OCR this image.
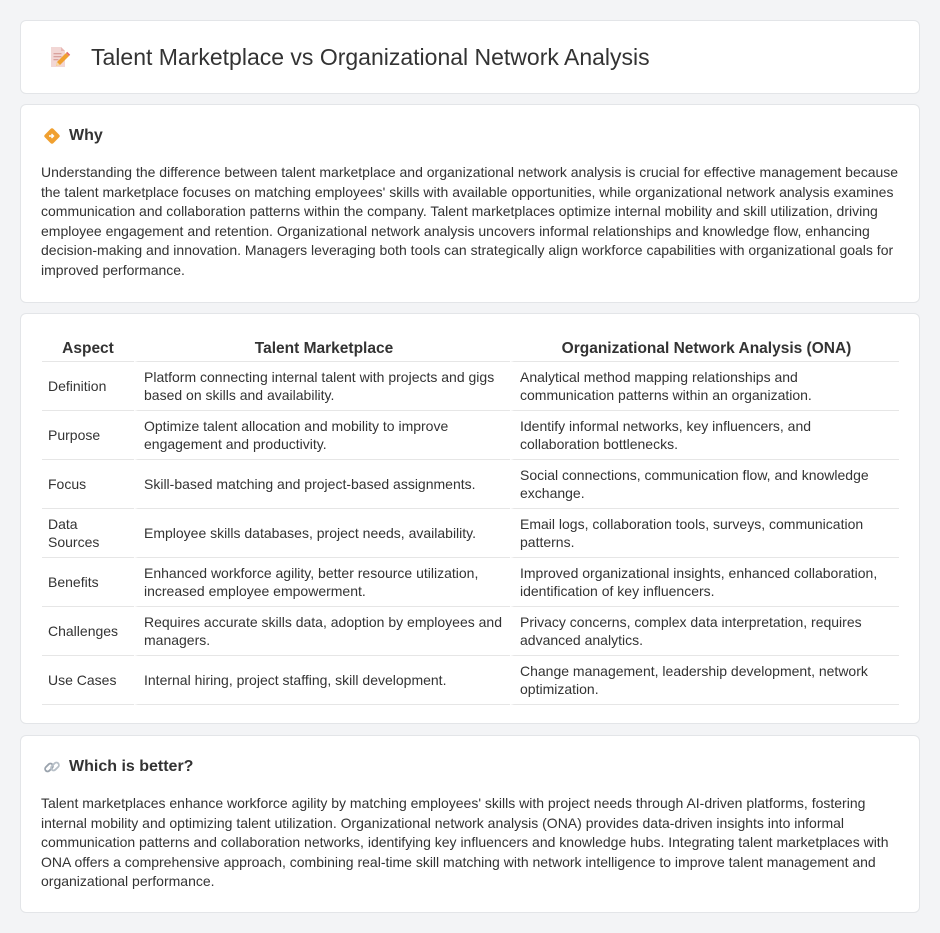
Talent Marketplace vs Organizational Network Analysis
Why

Understanding the difference between talent marketplace and organizational network analysis is crucial for effective management because the talent marketplace focuses on matching employees' skills with available opportunities, while organizational network analysis examines communication and collaboration patterns within the company. Talent marketplaces optimize internal mobility and skill utilization, driving employee engagement and retention. Organizational network analysis uncovers informal relationships and knowledge flow, enhancing decision-making and innovation. Managers leveraging both tools can strategically align workforce capabilities with organizational goals for improved performance.

Aspect	Talent Marketplace	Organizational Network Analysis (ONA)
Definition	Platform connecting internal talent with projects and gigs based on skills and availability.	Analytical method mapping relationships and communication patterns within an organization.
Purpose	Optimize talent allocation and mobility to improve engagement and productivity.	Identify informal networks, key influencers, and collaboration bottlenecks.
Focus	Skill-based matching and project-based assignments.	Social connections, communication flow, and knowledge exchange.
Data Sources	Employee skills databases, project needs, availability.	Email logs, collaboration tools, surveys, communication patterns.
Benefits	Enhanced workforce agility, better resource utilization, increased employee empowerment.	Improved organizational insights, enhanced collaboration, identification of key influencers.
Challenges	Requires accurate skills data, adoption by employees and managers.	Privacy concerns, complex data interpretation, requires advanced analytics.
Use Cases	Internal hiring, project staffing, skill development.	Change management, leadership development, network optimization.
Which is better?

Talent marketplaces enhance workforce agility by matching employees' skills with project needs through AI-driven platforms, fostering internal mobility and optimizing talent utilization. Organizational network analysis (ONA) provides data-driven insights into informal communication patterns and collaboration networks, identifying key influencers and knowledge hubs. Integrating talent marketplaces with ONA offers a comprehensive approach, combining real-time skill matching with network intelligence to improve talent management and organizational performance.
